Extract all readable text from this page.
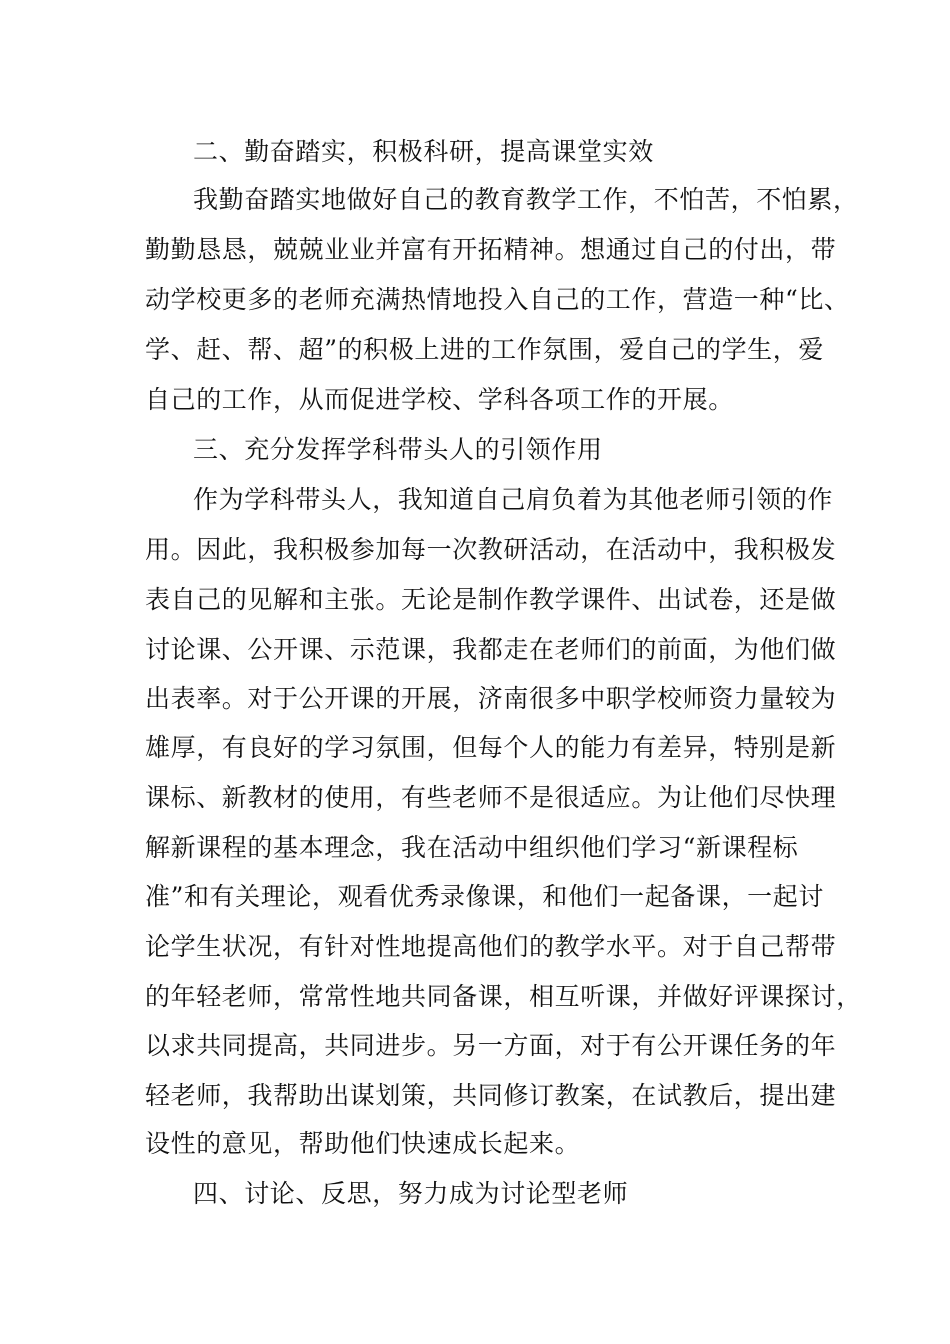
二、勤奋踏实，积极科研，提高课堂实效
我勤奋踏实地做好自己的教育教学工作，不怕苦，不怕累，
勤勤恳恳，兢兢业业并富有开拓精神。想通过自己的付出，带
动学校更多的老师充满热情地投入自己的工作，营造一种“比、
学、赶、帮、超”的积极上进的工作氛围，爱自己的学生，爱
自己的工作，从而促进学校、学科各项工作的开展。
三、充分发挥学科带头人的引领作用
作为学科带头人，我知道自己肩负着为其他老师引领的作
用。因此，我积极参加每一次教研活动，在活动中，我积极发
表自己的见解和主张。无论是制作教学课件、出试卷，还是做
讨论课、公开课、示范课，我都走在老师们的前面，为他们做
出表率。对于公开课的开展，济南很多中职学校师资力量较为
雄厚，有良好的学习氛围，但每个人的能力有差异，特别是新
课标、新教材的使用，有些老师不是很适应。为让他们尽快理
解新课程的基本理念，我在活动中组织他们学习“新课程标
准”和有关理论，观看优秀录像课，和他们一起备课，一起讨
论学生状况，有针对性地提高他们的教学水平。对于自己帮带
的年轻老师，常常性地共同备课，相互听课，并做好评课探讨，
以求共同提高，共同进步。另一方面，对于有公开课任务的年
轻老师，我帮助出谋划策，共同修订教案，在试教后，提出建
设性的意见，帮助他们快速成长起来。
四、讨论、反思，努力成为讨论型老师
